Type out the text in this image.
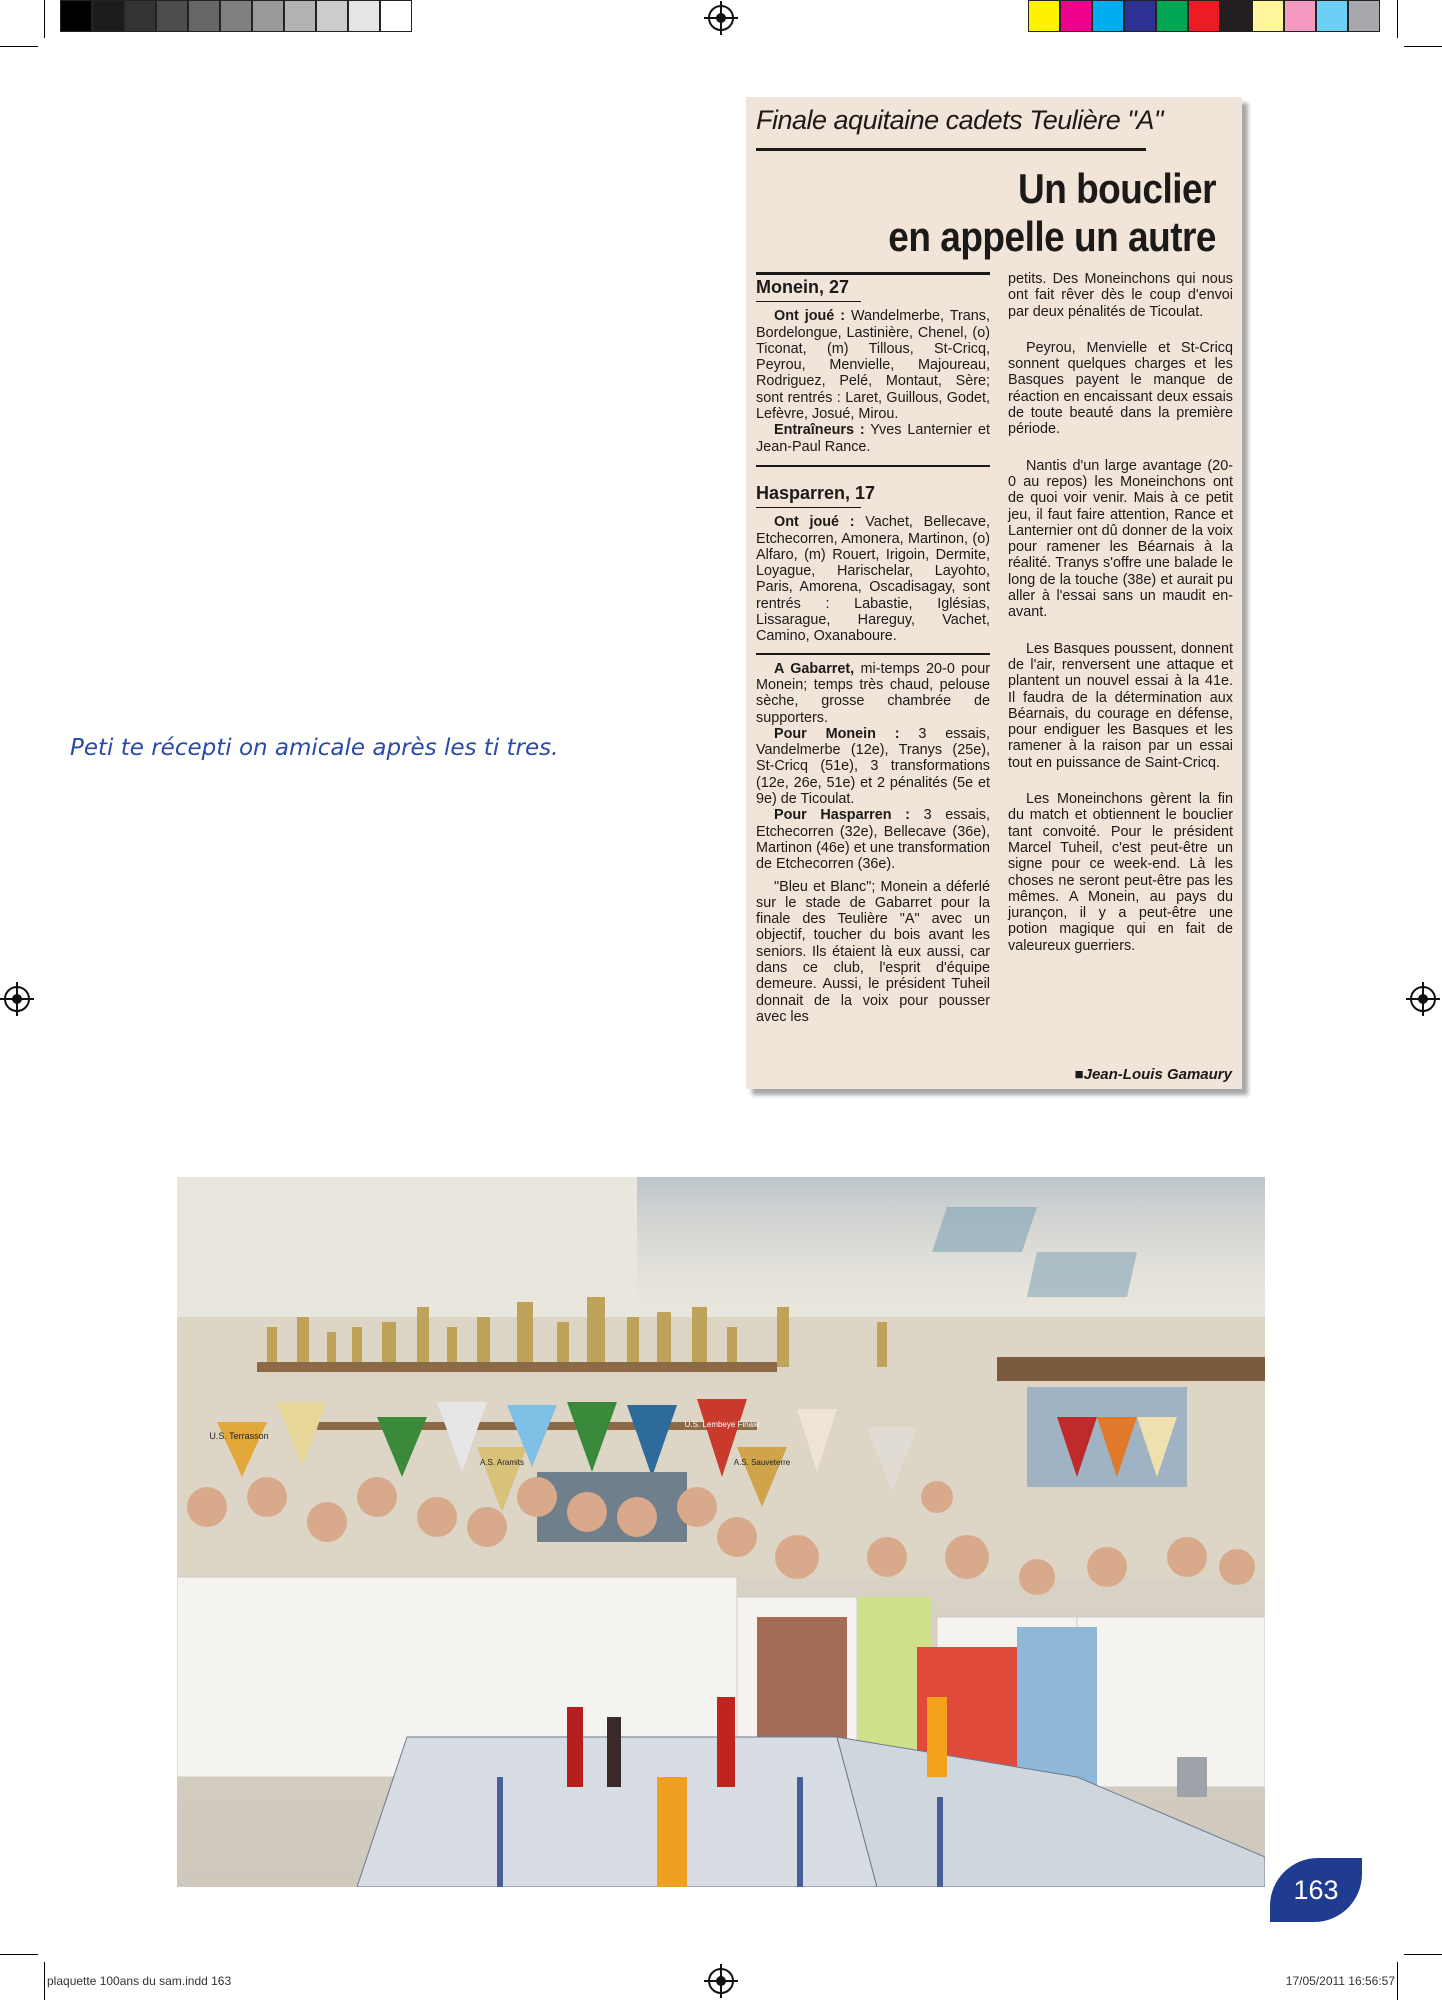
Peti te récepti on amicale après les ti tres.
Finale aquitaine cadets Teulière "A"
Un bouclier
en appelle un autre
Monein, 27

Ont joué : Wandelmerbe, Trans, Bordelongue, Lastinière, Chenel, (o) Ticonat, (m) Tillous, St-Cricq, Peyrou, Menvielle, Majoureau, Rodriguez, Pelé, Montaut, Sère; sont rentrés : Laret, Guillous, Godet, Lefèvre, Josué, Mirou.

Entraîneurs : Yves Lanternier et Jean-Paul Rance.

Hasparren, 17

Ont joué : Vachet, Bellecave, Etchecorren, Amonera, Martinon, (o) Alfaro, (m) Rouert, Irigoin, Dermite, Loyague, Harischelar, Layohto, Paris, Amorena, Oscadisagay, sont rentrés : Labastie, Iglésias, Lissarague, Hareguy, Vachet, Camino, Oxanaboure.

A Gabarret, mi-temps 20-0 pour Monein; temps très chaud, pelouse sèche, grosse chambrée de supporters.

Pour Monein : 3 essais, Vandelmerbe (12e), Tranys (25e), St-Cricq (51e), 3 transformations (12e, 26e, 51e) et 2 pénalités (5e et 9e) de Ticoulat.

Pour Hasparren : 3 essais, Etchecorren (32e), Bellecave (36e), Martinon (46e) et une transformation de Etchecorren (36e).

"Bleu et Blanc"; Monein a déferlé sur le stade de Gabarret pour la finale des Teulière "A" avec un objectif, toucher du bois avant les seniors. Ils étaient là eux aussi, car dans ce club, l'esprit d'équipe demeure. Aussi, le président Tuheil donnait de la voix pour pousser avec les

petits. Des Moneinchons qui nous ont fait rêver dès le coup d'envoi par deux pénalités de Ticoulat.

Peyrou, Menvielle et St-Cricq sonnent quelques charges et les Basques payent le manque de réaction en encaissant deux essais de toute beauté dans la première période.

Nantis d'un large avantage (20-0 au repos) les Moneinchons ont de quoi voir venir. Mais à ce petit jeu, il faut faire attention, Rance et Lanternier ont dû donner de la voix pour ramener les Béarnais à la réalité. Tranys s'offre une balade le long de la touche (38e) et aurait pu aller à l'essai sans un maudit en-avant.

Les Basques poussent, donnent de l'air, renversent une attaque et plantent un nouvel essai à la 41e. Il faudra de la détermination aux Béarnais, du courage en défense, pour endiguer les Basques et les ramener à la raison par un essai tout en puissance de Saint-Cricq.

Les Moneinchons gèrent la fin du match et obtiennent le bouclier tant convoité. Pour le président Marcel Tuheil, c'est peut-être un signe pour ce week-end. Là les choses ne seront peut-être pas les mêmes. A Monein, au pays du jurançon, il y a peut-être une potion magique qui en fait de valeureux guerriers.

■Jean-Louis Gamaury
U.S. Terrasson
A.S. Aramits	A.S. Sauveterre
U.S. Lembeye Finale
163
plaquette 100ans du sam.indd 163	17/05/2011 16:56:57
